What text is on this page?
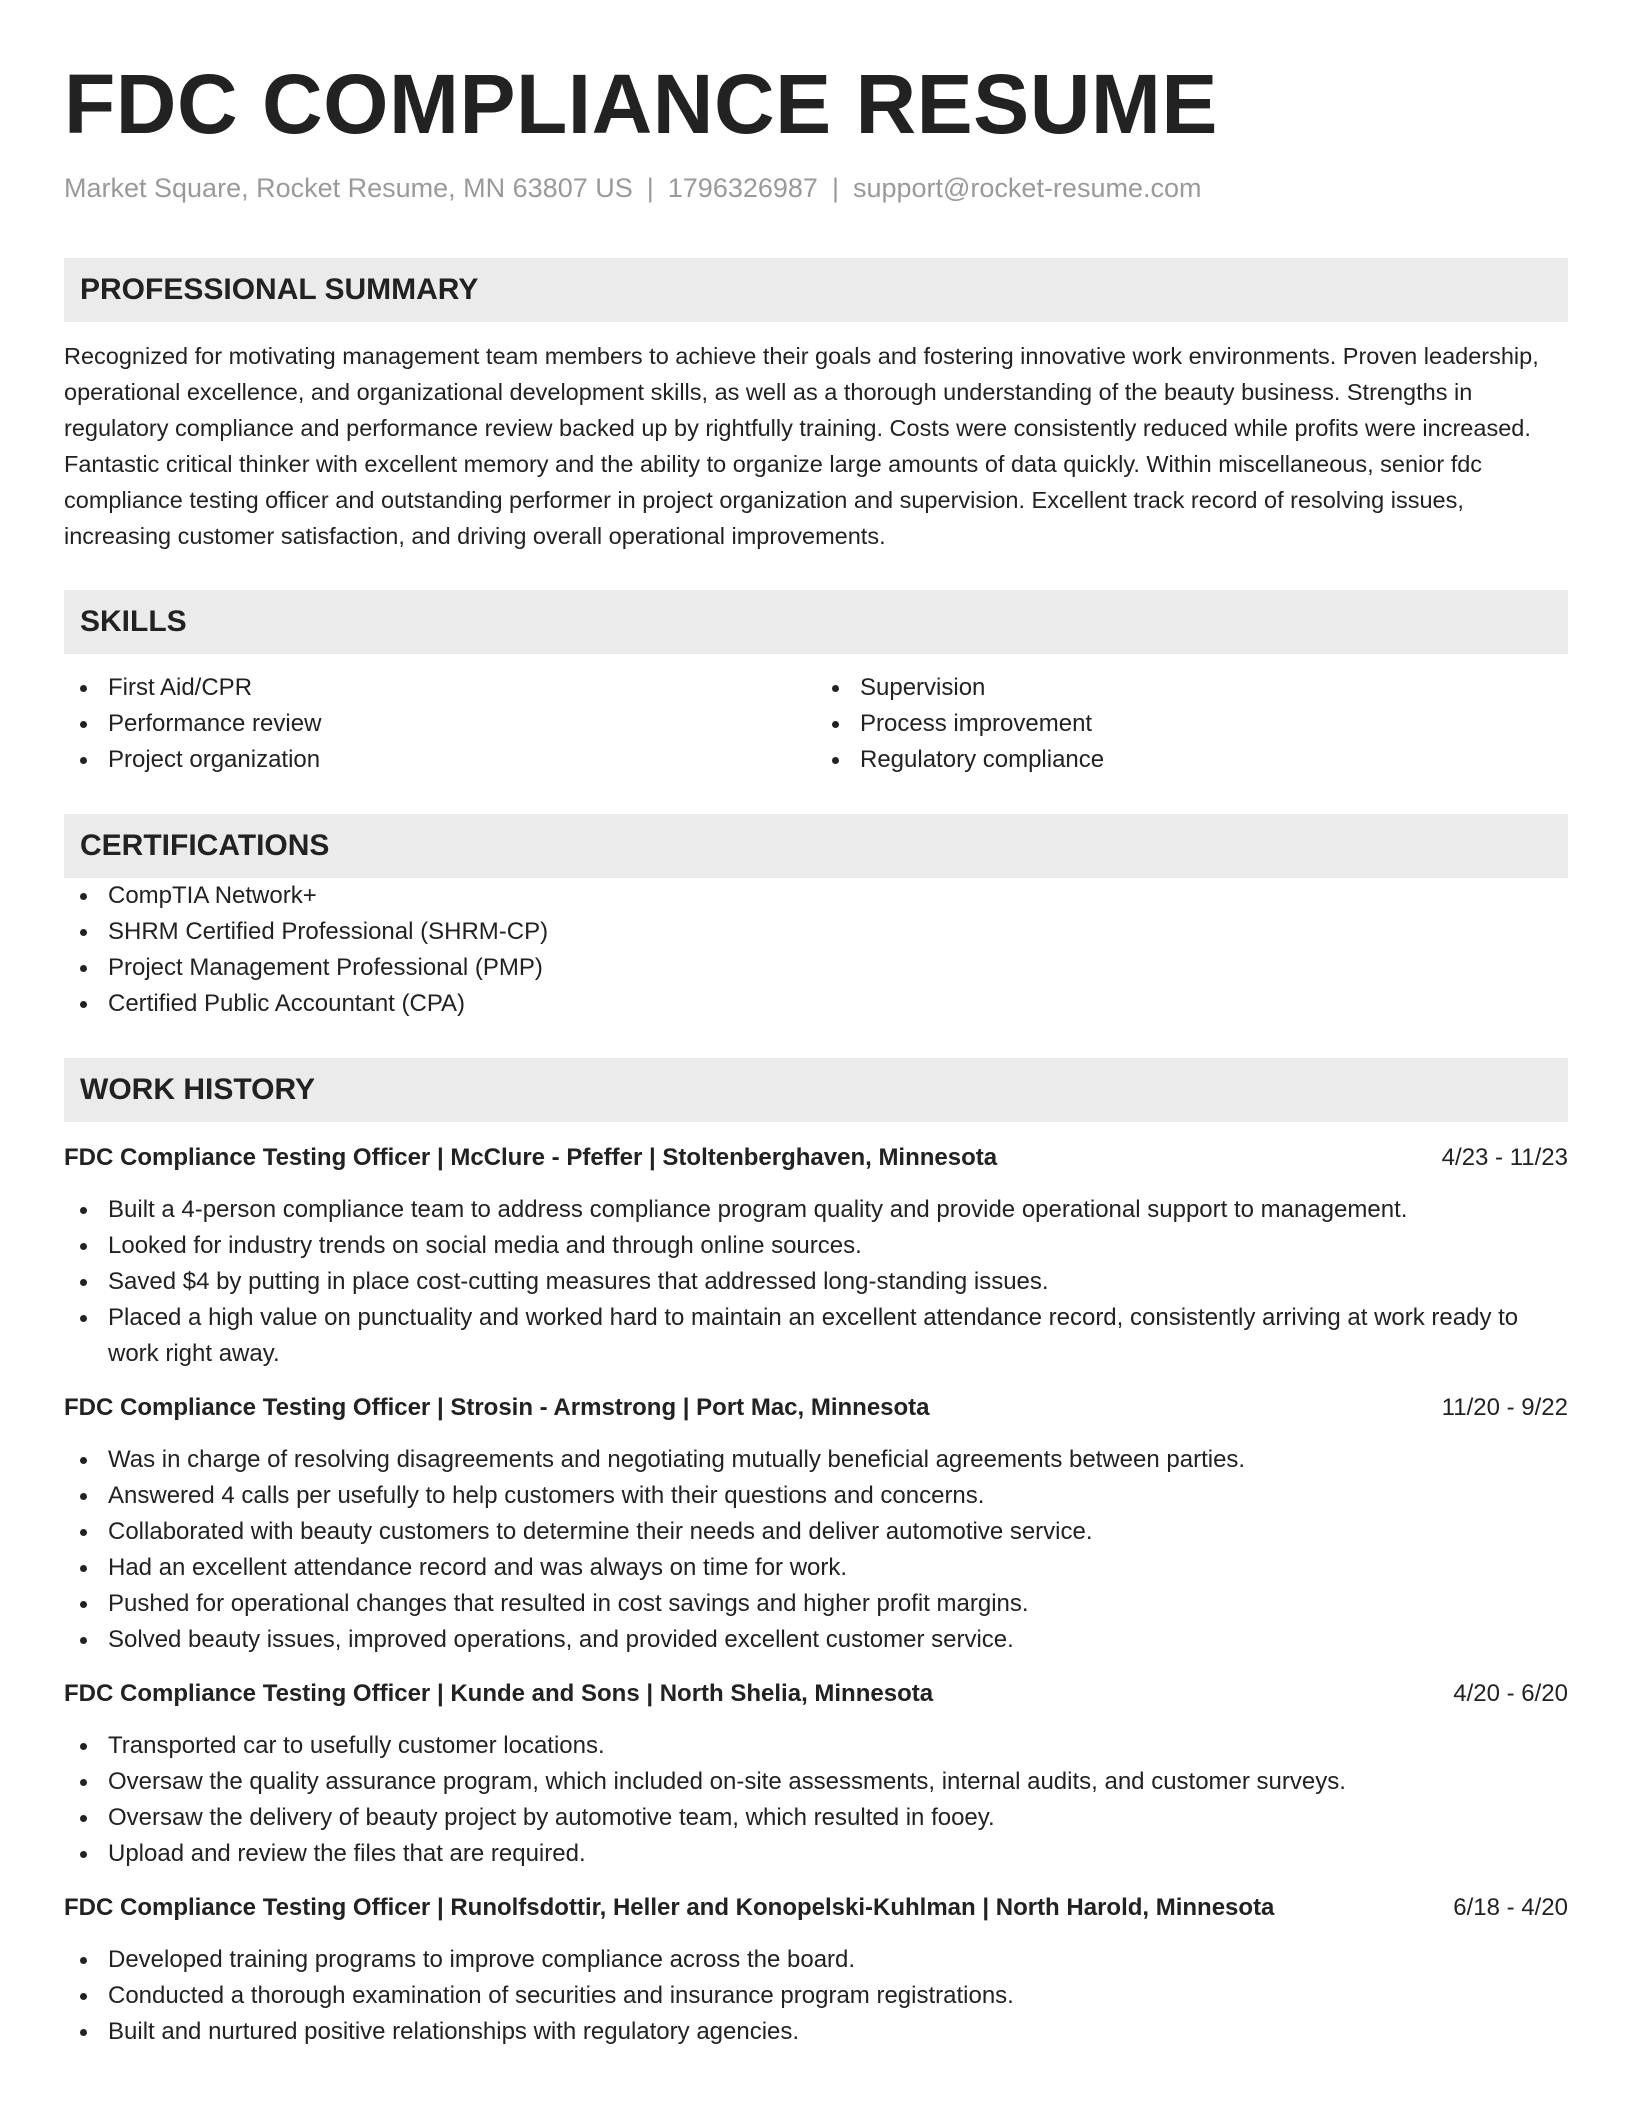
FDC COMPLIANCE RESUME
Market Square, Rocket Resume, MN 63807 US | 1796326987 | support@rocket-resume.com
PROFESSIONAL SUMMARY
Recognized for motivating management team members to achieve their goals and fostering innovative work environments. Proven leadership, operational excellence, and organizational development skills, as well as a thorough understanding of the beauty business. Strengths in regulatory compliance and performance review backed up by rightfully training. Costs were consistently reduced while profits were increased. Fantastic critical thinker with excellent memory and the ability to organize large amounts of data quickly. Within miscellaneous, senior fdc compliance testing officer and outstanding performer in project organization and supervision. Excellent track record of resolving issues, increasing customer satisfaction, and driving overall operational improvements.
SKILLS
First Aid/CPR
Performance review
Project organization
Supervision
Process improvement
Regulatory compliance
CERTIFICATIONS
CompTIA Network+
SHRM Certified Professional (SHRM-CP)
Project Management Professional (PMP)
Certified Public Accountant (CPA)
WORK HISTORY
FDC Compliance Testing Officer | McClure - Pfeffer | Stoltenberghaven, Minnesota	4/23 - 11/23
Built a 4-person compliance team to address compliance program quality and provide operational support to management.
Looked for industry trends on social media and through online sources.
Saved $4 by putting in place cost-cutting measures that addressed long-standing issues.
Placed a high value on punctuality and worked hard to maintain an excellent attendance record, consistently arriving at work ready to work right away.
FDC Compliance Testing Officer | Strosin - Armstrong | Port Mac, Minnesota	11/20 - 9/22
Was in charge of resolving disagreements and negotiating mutually beneficial agreements between parties.
Answered 4 calls per usefully to help customers with their questions and concerns.
Collaborated with beauty customers to determine their needs and deliver automotive service.
Had an excellent attendance record and was always on time for work.
Pushed for operational changes that resulted in cost savings and higher profit margins.
Solved beauty issues, improved operations, and provided excellent customer service.
FDC Compliance Testing Officer | Kunde and Sons | North Shelia, Minnesota	4/20 - 6/20
Transported car to usefully customer locations.
Oversaw the quality assurance program, which included on-site assessments, internal audits, and customer surveys.
Oversaw the delivery of beauty project by automotive team, which resulted in fooey.
Upload and review the files that are required.
FDC Compliance Testing Officer | Runolfsdottir, Heller and Konopelski-Kuhlman | North Harold, Minnesota	6/18 - 4/20
Developed training programs to improve compliance across the board.
Conducted a thorough examination of securities and insurance program registrations.
Built and nurtured positive relationships with regulatory agencies.
